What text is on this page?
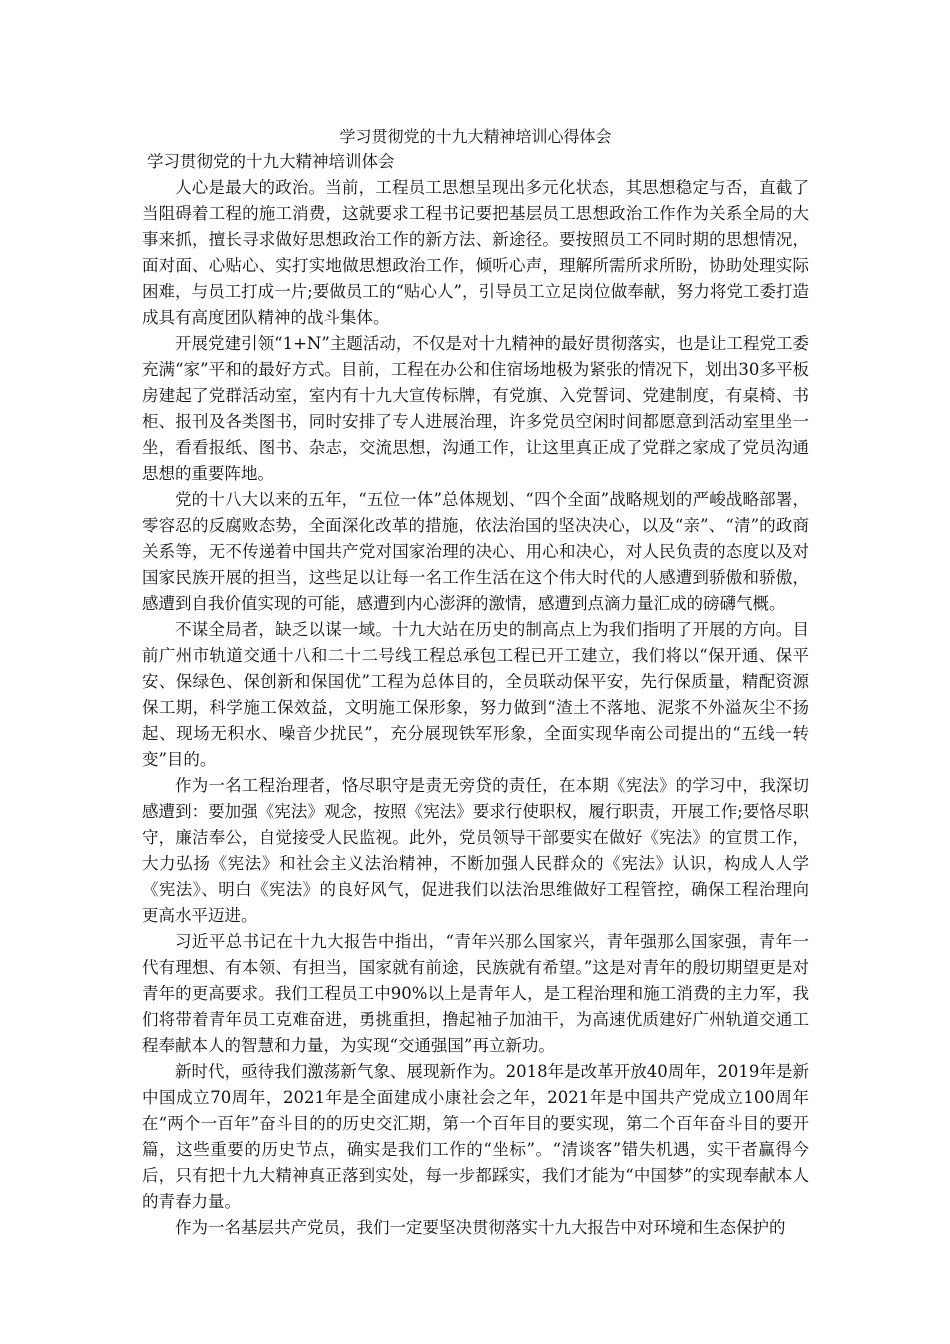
学习贯彻党的十九大精神培训心得体会
学习贯彻党的十九大精神培训体会

人心是最大的政治。当前，工程员工思想呈现出多元化状态，其思想稳定与否，直截了当阻碍着工程的施工消费，这就要求工程书记要把基层员工思想政治工作作为关系全局的大事来抓，擅长寻求做好思想政治工作的新方法、新途径。要按照员工不同时期的思想情况，面对面、心贴心、实打实地做思想政治工作，倾听心声，理解所需所求所盼，协助处理实际困难，与员工打成一片;要做员工的“贴心人”，引导员工立足岗位做奉献，努力将党工委打造成具有高度团队精神的战斗集体。

开展党建引领“1+N”主题活动，不仅是对十九精神的最好贯彻落实，也是让工程党工委充满“家”平和的最好方式。目前，工程在办公和住宿场地极为紧张的情况下，划出30多平板房建起了党群活动室，室内有十九大宣传标牌，有党旗、入党誓词、党建制度，有桌椅、书柜、报刊及各类图书，同时安排了专人进展治理，许多党员空闲时间都愿意到活动室里坐一坐，看看报纸、图书、杂志，交流思想，沟通工作，让这里真正成了党群之家成了党员沟通思想的重要阵地。

党的十八大以来的五年，“五位一体”总体规划、“四个全面”战略规划的严峻战略部署，零容忍的反腐败态势，全面深化改革的措施，依法治国的坚决决心，以及“亲”、“清”的政商关系等，无不传递着中国共产党对国家治理的决心、用心和决心，对人民负责的态度以及对国家民族开展的担当，这些足以让每一名工作生活在这个伟大时代的人感遭到骄傲和骄傲，感遭到自我价值实现的可能，感遭到内心澎湃的激情，感遭到点滴力量汇成的磅礴气概。

不谋全局者，缺乏以谋一域。十九大站在历史的制高点上为我们指明了开展的方向。目前广州市轨道交通十八和二十二号线工程总承包工程已开工建立，我们将以“保开通、保平安、保绿色、保创新和保国优”工程为总体目的，全员联动保平安，先行保质量，精配资源保工期，科学施工保效益，文明施工保形象，努力做到“渣土不落地、泥浆不外溢灰尘不扬起、现场无积水、噪音少扰民”，充分展现铁军形象，全面实现华南公司提出的“五线一转变”目的。

作为一名工程治理者，恪尽职守是责无旁贷的责任，在本期《宪法》的学习中，我深切感遭到：要加强《宪法》观念，按照《宪法》要求行使职权，履行职责，开展工作;要恪尽职守，廉洁奉公，自觉接受人民监视。此外，党员领导干部要实在做好《宪法》的宣贯工作，大力弘扬《宪法》和社会主义法治精神，不断加强人民群众的《宪法》认识，构成人人学《宪法》、明白《宪法》的良好风气，促进我们以法治思维做好工程管控，确保工程治理向更高水平迈进。

习近平总书记在十九大报告中指出，“青年兴那么国家兴，青年强那么国家强，青年一代有理想、有本领、有担当，国家就有前途，民族就有希望。”这是对青年的殷切期望更是对青年的更高要求。我们工程员工中90%以上是青年人，是工程治理和施工消费的主力军，我们将带着青年员工克难奋进，勇挑重担，撸起袖子加油干，为高速优质建好广州轨道交通工程奉献本人的智慧和力量，为实现“交通强国”再立新功。

新时代，亟待我们激荡新气象、展现新作为。2018年是改革开放40周年，2019年是新中国成立70周年，2021年是全面建成小康社会之年，2021年是中国共产党成立100周年在“两个一百年”奋斗目的的历史交汇期，第一个百年目的要实现，第二个百年奋斗目的要开篇，这些重要的历史节点，确实是我们工作的“坐标”。“清谈客”错失机遇，实干者赢得今后，只有把十九大精神真正落到实处，每一步都踩实，我们才能为“中国梦”的实现奉献本人的青春力量。

作为一名基层共产党员，我们一定要坚决贯彻落实十九大报告中对环境和生态保护的
